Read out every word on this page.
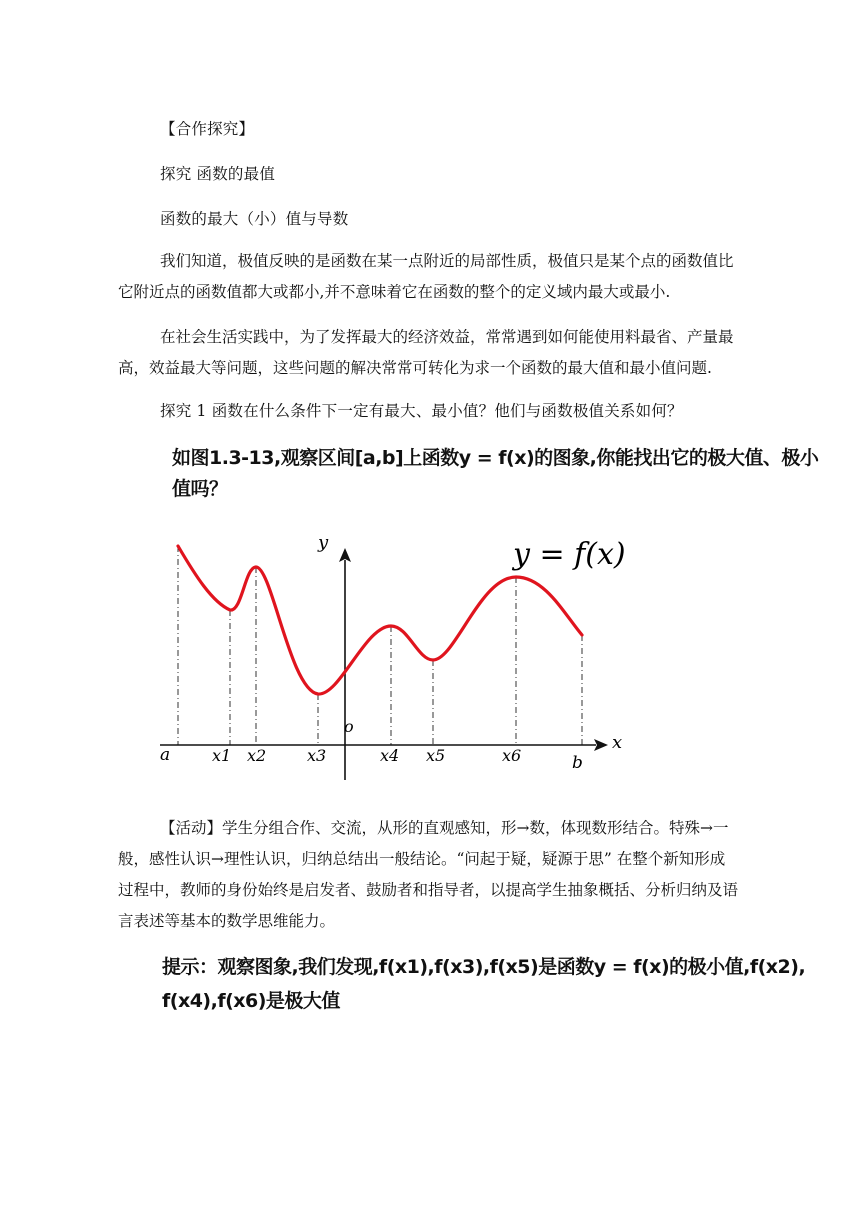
【合作探究】
探究 函数的最值
函数的最大（小）值与导数
我们知道，极值反映的是函数在某一点附近的局部性质，极值只是某个点的函数值比它附近点的函数值都大或都小,并不意味着它在函数的整个的定义域内最大或最小.
在社会生活实践中，为了发挥最大的经济效益，常常遇到如何能使用料最省、产量最高，效益最大等问题，这些问题的解决常常可转化为求一个函数的最大值和最小值问题.
探究 1 函数在什么条件下一定有最大、最小值？他们与函数极值关系如何？
如图1.3-13,观察区间[a,b]上函数y = f(x)的图象,你能找出它的极大值、极小
值吗？
y
x
o
y = f(x)
a	x1 x2	x3	x4 x5	x6	b
【活动】学生分组合作、交流，从形的直观感知，形→数，体现数形结合。特殊→一般，感性认识→理性认识，归纳总结出一般结论。“问起于疑，疑源于思” 在整个新知形成过程中，教师的身份始终是启发者、鼓励者和指导者，以提高学生抽象概括、分析归纳及语言表述等基本的数学思维能力。
提示：观察图象,我们发现,f(x1),f(x3),f(x5)是函数y = f(x)的极小值,f(x2),
f(x4),f(x6)是极大值
